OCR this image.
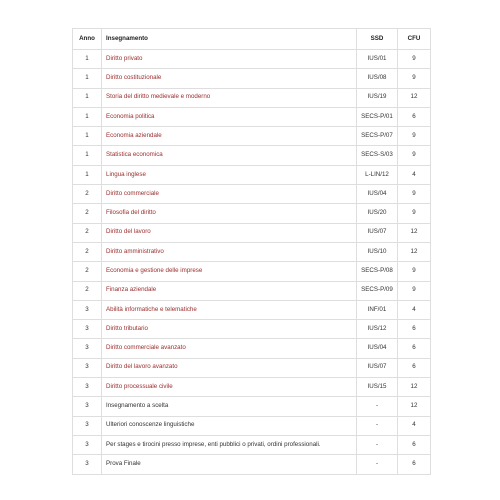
Anno	Insegnamento	SSD	CFU
1	Diritto privato	IUS/01	9
1	Diritto costituzionale	IUS/08	9
1	Storia del diritto medievale e moderno	IUS/19	12
1	Economia politica	SECS-P/01	6
1	Economia aziendale	SECS-P/07	9
1	Statistica economica	SECS-S/03	9
1	Lingua inglese	L-LIN/12	4
2	Diritto commerciale	IUS/04	9
2	Filosofia del diritto	IUS/20	9
2	Diritto del lavoro	IUS/07	12
2	Diritto amministrativo	IUS/10	12
2	Economia e gestione delle imprese	SECS-P/08	9
2	Finanza aziendale	SECS-P/09	9
3	Abilità informatiche e telematiche	INF/01	4
3	Diritto tributario	IUS/12	6
3	Diritto commerciale avanzato	IUS/04	6
3	Diritto del lavoro avanzato	IUS/07	6
3	Diritto processuale civile	IUS/15	12
3	Insegnamento a scelta	-	12
3	Ulteriori conoscenze linguistiche	-	4
3	Per stages e tirocini presso imprese, enti pubblici o privati, ordini professionali.	-	6
3	Prova Finale	-	6
